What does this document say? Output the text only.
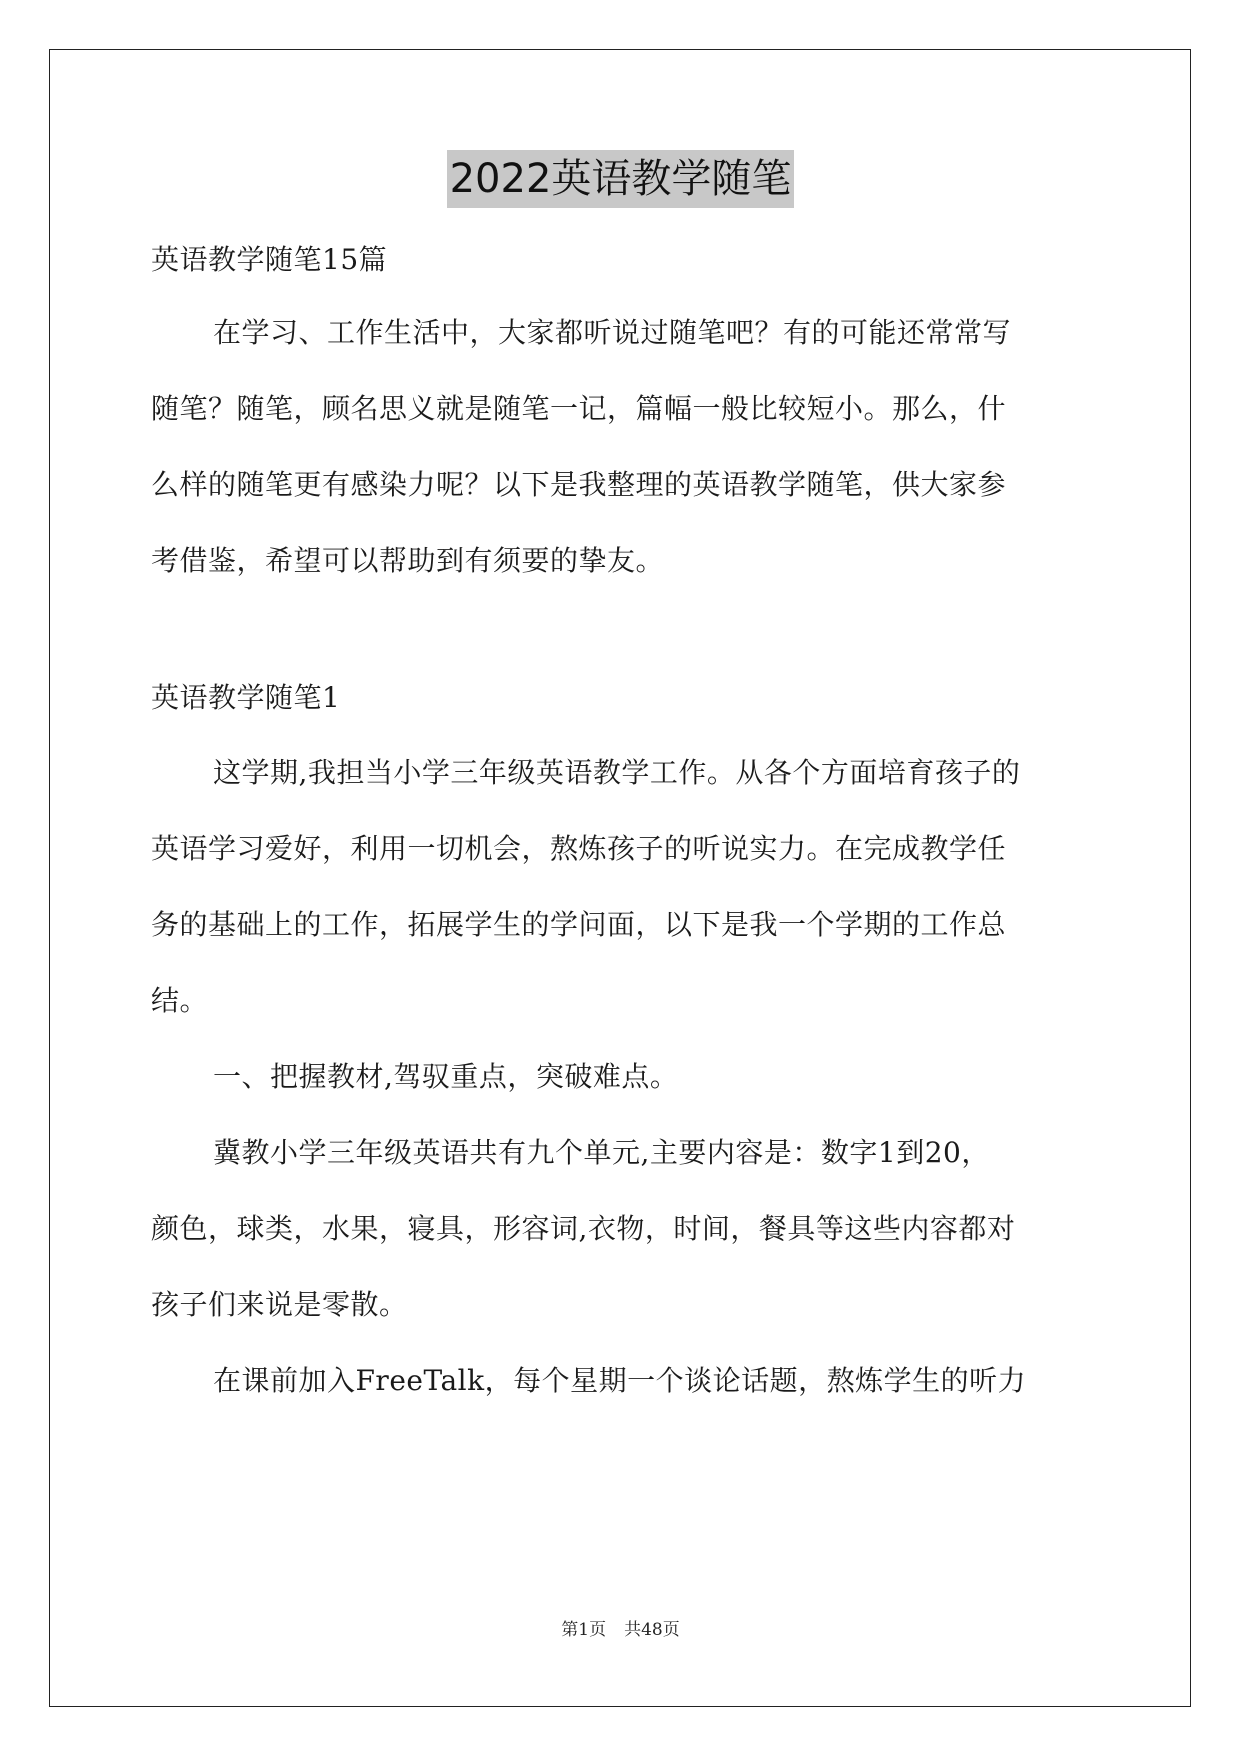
2022英语教学随笔
英语教学随笔15篇
在学习、工作生活中，大家都听说过随笔吧？有的可能还常常写
随笔？随笔，顾名思义就是随笔一记，篇幅一般比较短小。那么，什
么样的随笔更有感染力呢？以下是我整理的英语教学随笔，供大家参
考借鉴，希望可以帮助到有须要的挚友。
英语教学随笔1
这学期,我担当小学三年级英语教学工作。从各个方面培育孩子的
英语学习爱好，利用一切机会，熬炼孩子的听说实力。在完成教学任
务的基础上的工作，拓展学生的学问面，以下是我一个学期的工作总
结。
一、把握教材,驾驭重点，突破难点。
冀教小学三年级英语共有九个单元,主要内容是：数字1到20，
颜色，球类，水果，寝具，形容词,衣物，时间，餐具等这些内容都对
孩子们来说是零散。
在课前加入FreeTalk，每个星期一个谈论话题，熬炼学生的听力
第1页 共48页
